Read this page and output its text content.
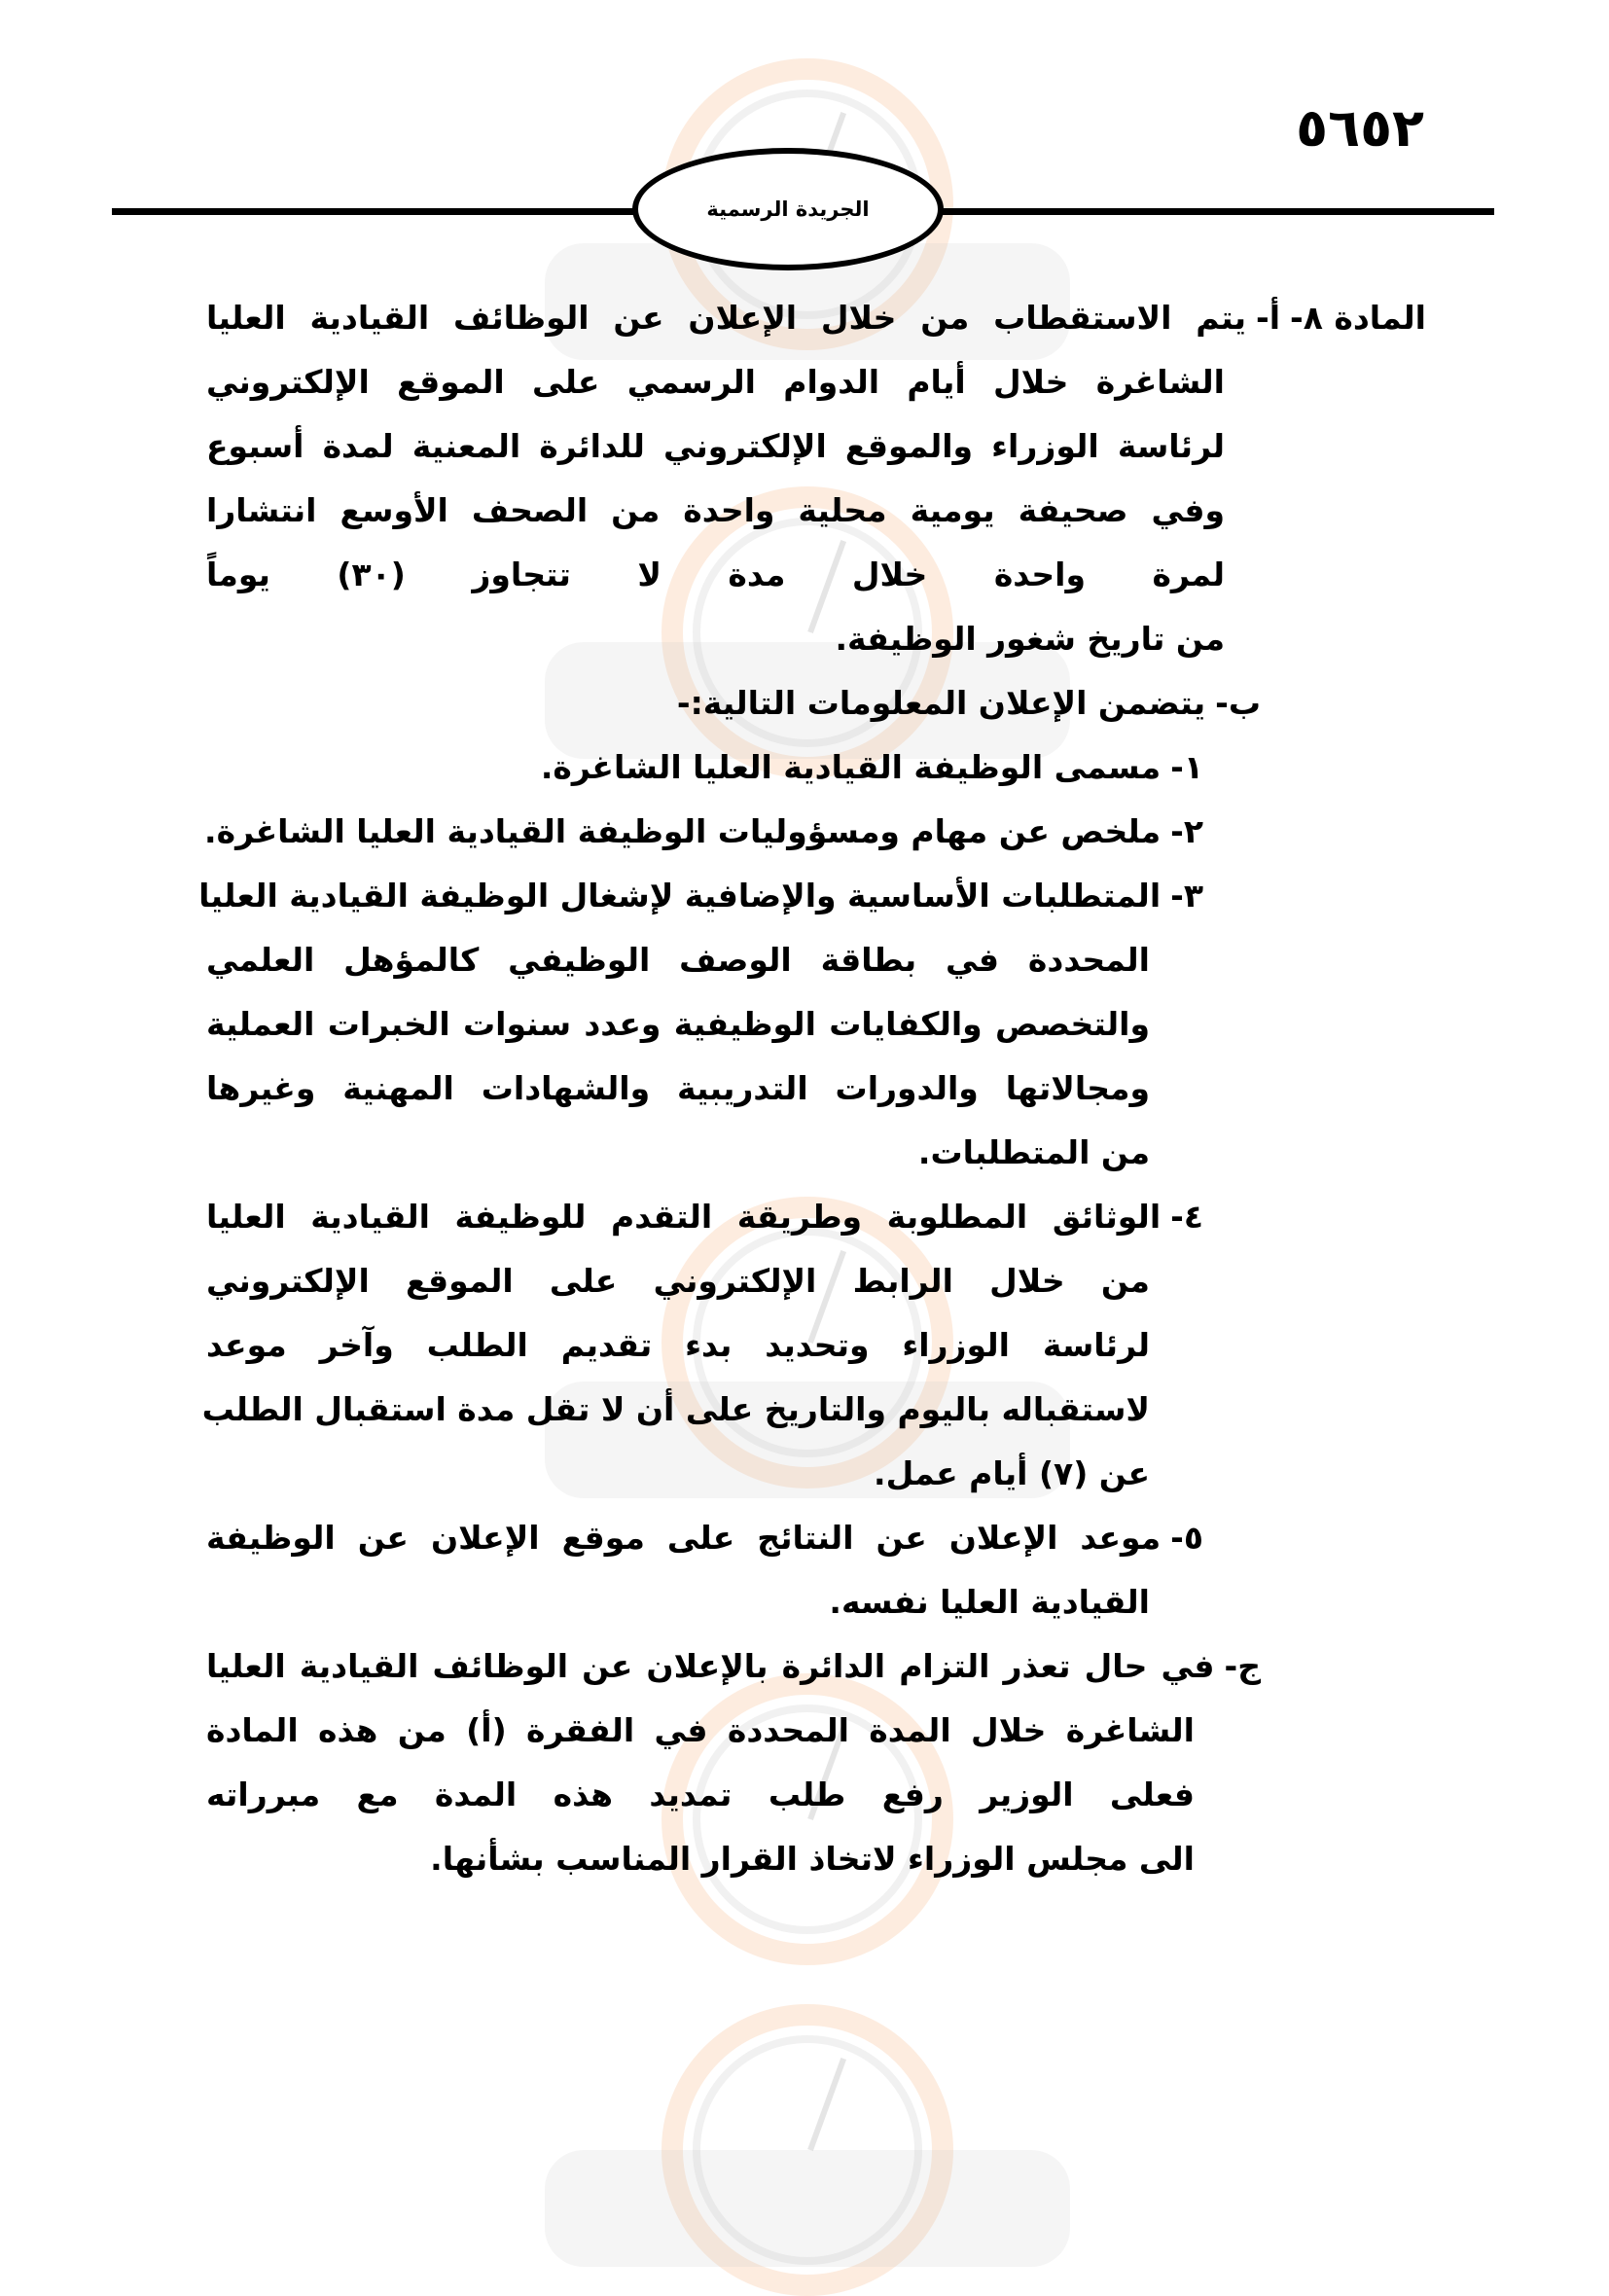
٥٦٥٢
الجريدة الرسمية
المادة ٨-
أ-
يتم الاستقطاب من خلال الإعلان عن الوظائف القيادية العليا
الشاغرة خلال أيام الدوام الرسمي على الموقع الإلكتروني
لرئاسة الوزراء والموقع الإلكتروني للدائرة المعنية لمدة أسبوع
وفي صحيفة يومية محلية واحدة من الصحف الأوسع انتشارا
لمرة واحدة خلال مدة لا تتجاوز (٣٠) يوماً
من تاريخ شغور الوظيفة.
ب-
يتضمن الإعلان المعلومات التالية:-
١-
مسمى الوظيفة القيادية العليا الشاغرة.
٢-
ملخص عن مهام ومسؤوليات الوظيفة القيادية العليا الشاغرة.
٣-
المتطلبات الأساسية والإضافية لإشغال الوظيفة القيادية العليا
المحددة في بطاقة الوصف الوظيفي كالمؤهل العلمي
والتخصص والكفايات الوظيفية وعدد سنوات الخبرات العملية
ومجالاتها والدورات التدريبية والشهادات المهنية وغيرها
من المتطلبات.
٤-
الوثائق المطلوبة وطريقة التقدم للوظيفة القيادية العليا
من خلال الرابط الإلكتروني على الموقع الإلكتروني
لرئاسة الوزراء وتحديد بدء تقديم الطلب وآخر موعد
لاستقباله باليوم والتاريخ على أن لا تقل مدة استقبال الطلب
عن (٧) أيام عمل.
٥-
موعد الإعلان عن النتائج على موقع الإعلان عن الوظيفة
القيادية العليا نفسه.
ج-
في حال تعذر التزام الدائرة بالإعلان عن الوظائف القيادية العليا
الشاغرة خلال المدة المحددة في الفقرة (أ) من هذه المادة
فعلى الوزير رفع طلب تمديد هذه المدة مع مبرراته
الى مجلس الوزراء لاتخاذ القرار المناسب بشأنها.
